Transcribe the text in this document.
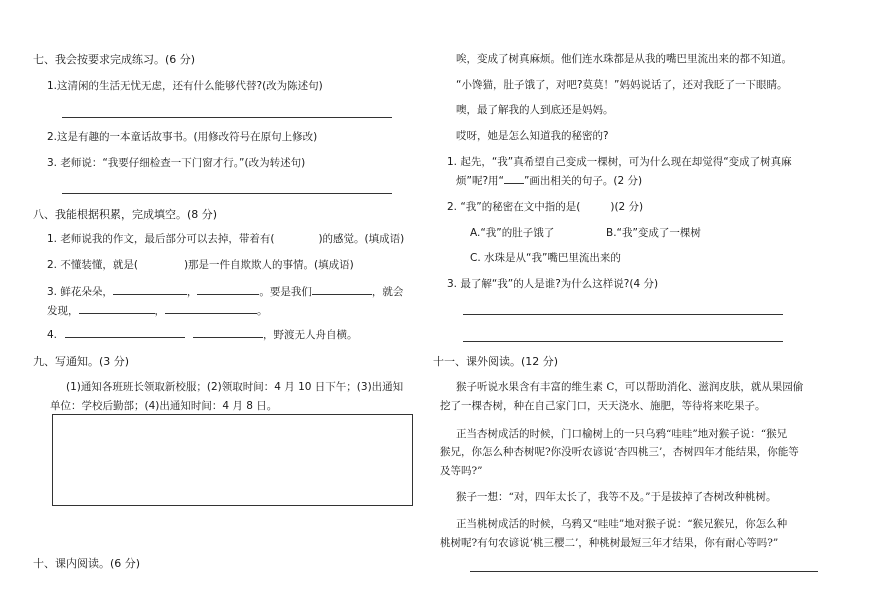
七、我会按要求完成练习。(6 分)
1.这清闲的生活无忧无虑，还有什么能够代替?(改为陈述句)
2.这是有趣的一本童话故事书。(用修改符号在原句上修改)
3. 老师说：“我要仔细检查一下门窗才行。”(改为转述句)
八、我能根据积累，完成填空。(8 分)
1. 老师说我的作文，最后部分可以去掉，带着有(	)的感觉。(填成语)
2. 不懂装懂，就是(	)那是一件自欺欺人的事情。(填成语)
3. 鲜花朵朵，	，	。要是我们	，就会
发现，	，	。
4.	，野渡无人舟自横。
九、写通知。(3 分)
(1)通知各班班长领取新校服；(2)领取时间：4 月 10 日下午；(3)出通知
单位：学校后勤部；(4)出通知时间：4 月 8 日。
十、课内阅读。(6 分)
唉，变成了树真麻烦。他们连水珠都是从我的嘴巴里流出来的都不知道。
“小馋猫，肚子饿了，对吧?莫莫！”妈妈说话了，还对我眨了一下眼睛。
噢，最了解我的人到底还是妈妈。
哎呀，她是怎么知道我的秘密的?
1. 起先，“我”真希望自己变成一棵树，可为什么现在却觉得“变成了树真麻
烦”呢?用“ ”画出相关的句子。(2 分)
2. “我”的秘密在文中指的是(	)(2 分)
A.“我”的肚子饿了	B.“我”变成了一棵树
C. 水珠是从“我”嘴巴里流出来的
3. 最了解“我”的人是谁?为什么这样说?(4 分)
十一、课外阅读。(12 分)
猴子听说水果含有丰富的维生素 C，可以帮助消化、滋润皮肤，就从果园偷
挖了一棵杏树，种在自己家门口，天天浇水、施肥，等待将来吃果子。
正当杏树成活的时候，门口榆树上的一只乌鸦“哇哇”地对猴子说：“猴兄
猴兄，你怎么种杏树呢?你没听农谚说‘杏四桃三’，杏树四年才能结果，你能等
及等吗?”
猴子一想：“对，四年太长了，我等不及。”于是拔掉了杏树改种桃树。
正当桃树成活的时候，乌鸦又“哇哇”地对猴子说：“猴兄猴兄，你怎么种
桃树呢?有句农谚说‘桃三樱二’，种桃树最短三年才结果，你有耐心等吗?”
